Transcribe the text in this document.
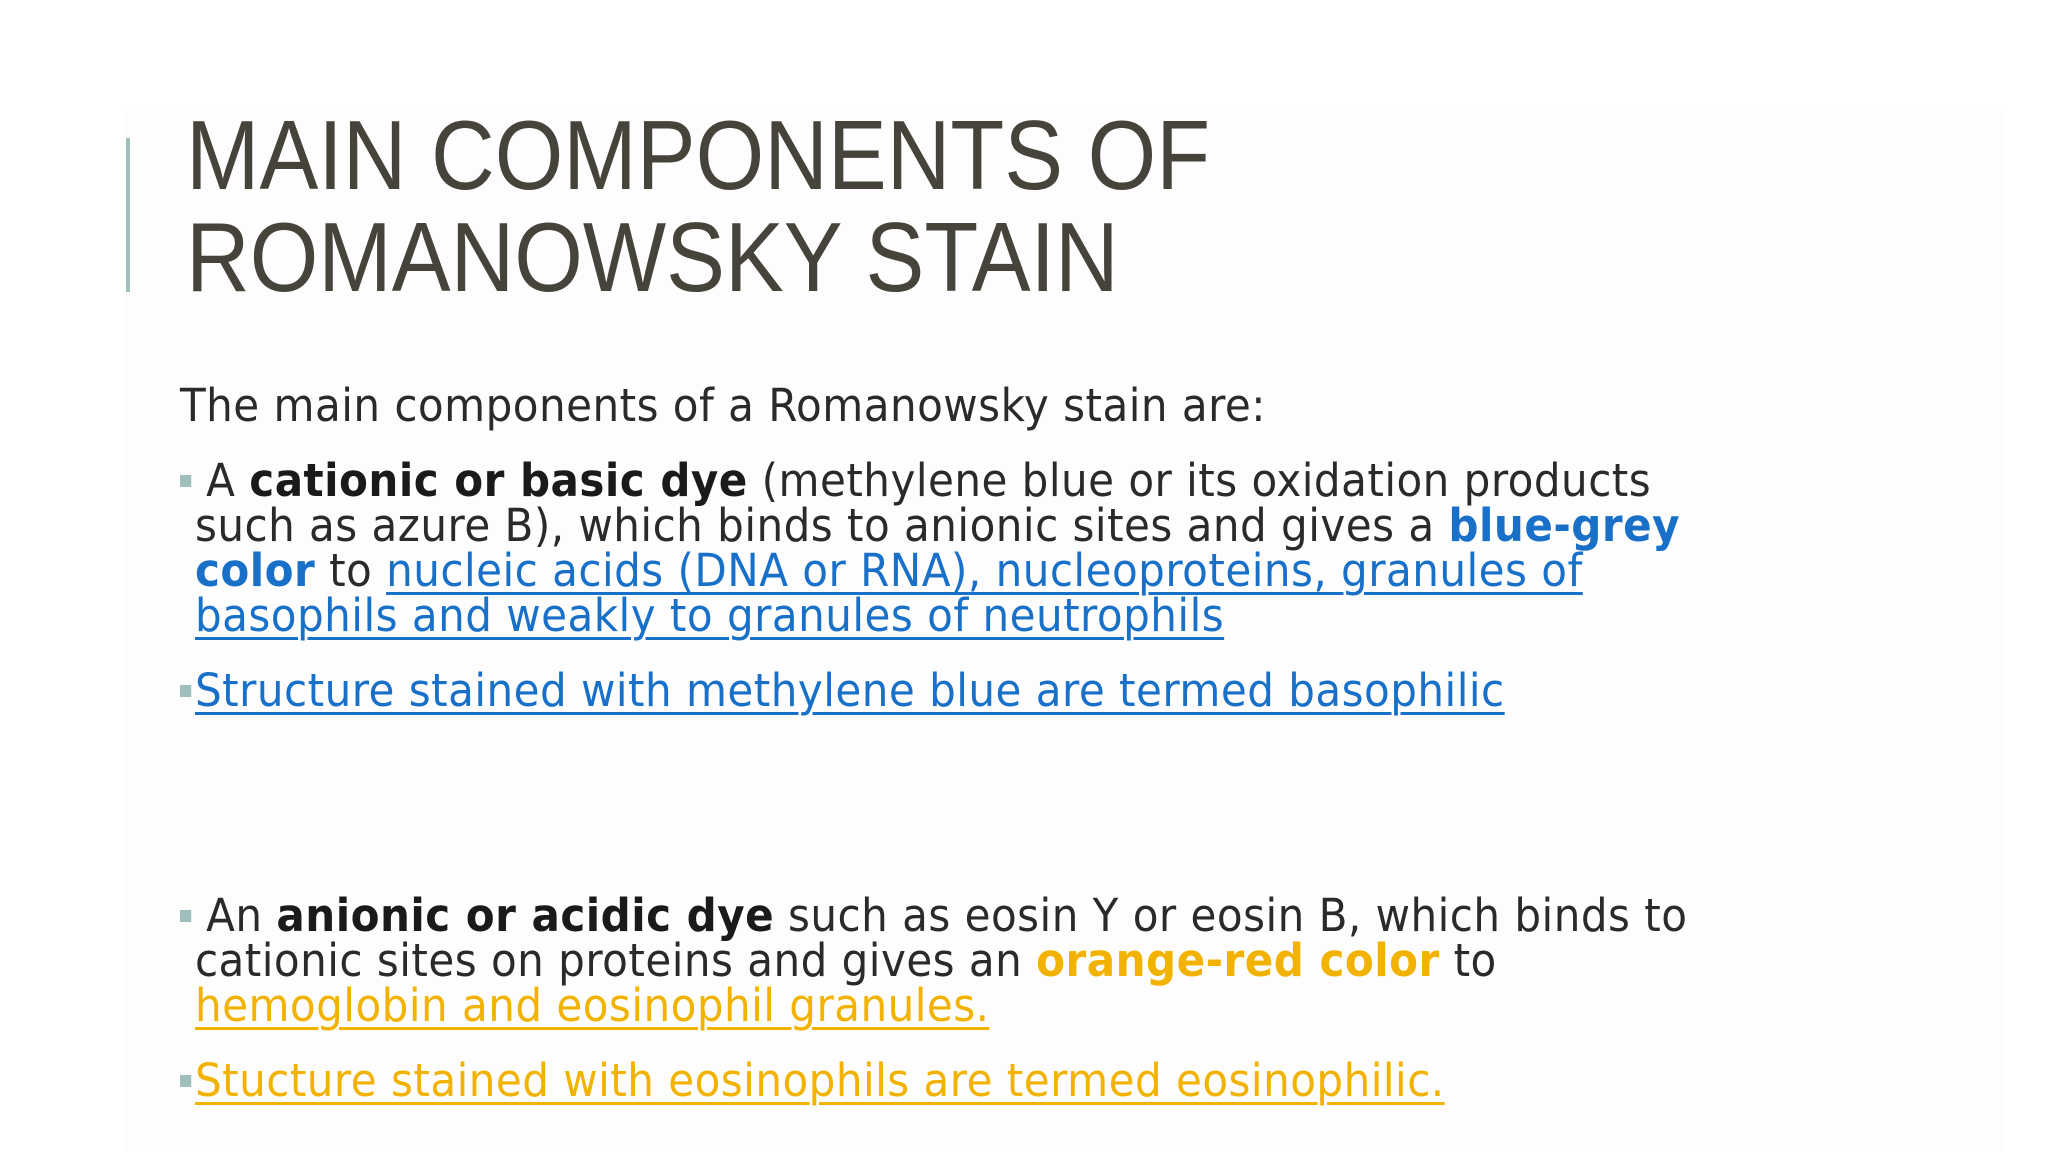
MAIN COMPONENTS OF
ROMANOWSKY STAIN
The main components of a Romanowsky stain are:
A cationic or basic dye (methylene blue or its oxidation products
such as azure B), which binds to anionic sites and gives a blue-grey
color to nucleic acids (DNA or RNA), nucleoproteins, granules of
basophils and weakly to granules of neutrophils
Structure stained with methylene blue are termed basophilic
An anionic or acidic dye such as eosin Y or eosin B, which binds to
cationic sites on proteins and gives an orange-red color to
hemoglobin and eosinophil granules.
Stucture stained with eosinophils are termed eosinophilic.
